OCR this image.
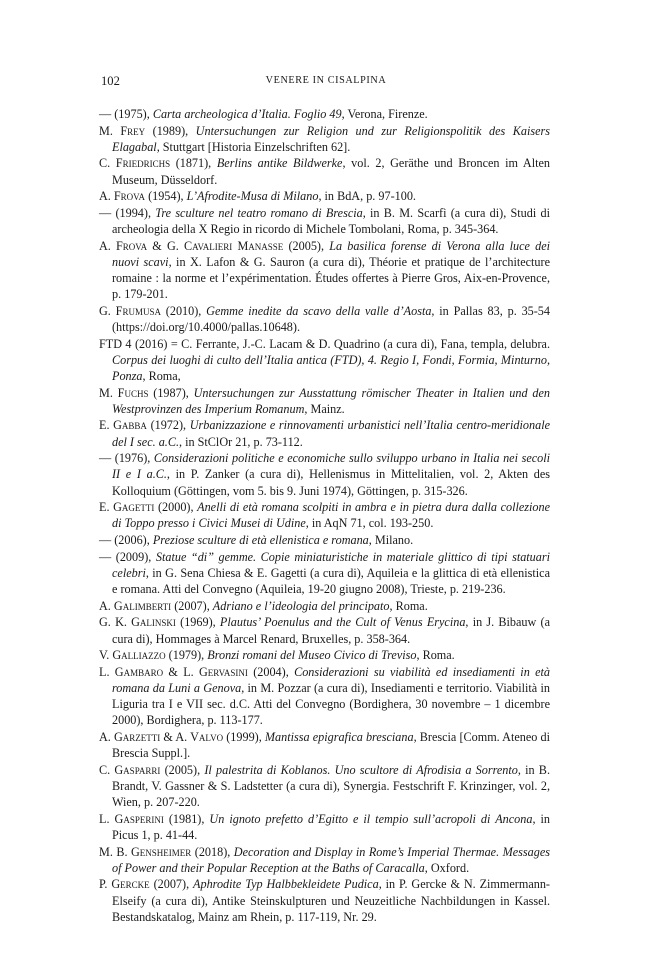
102	VENERE IN CISALPINA
— (1975), Carta archeologica d’Italia. Foglio 49, Verona, Firenze.
M. Frey (1989), Untersuchungen zur Religion und zur Religionspolitik des Kaisers Elagabal, Stuttgart [Historia Einzelschriften 62].
C. Friedrichs (1871), Berlins antike Bildwerke, vol. 2, Geräthe und Broncen im Alten Museum, Düsseldorf.
A. Frova (1954), L’Afrodite-Musa di Milano, in BdA, p. 97-100.
— (1994), Tre sculture nel teatro romano di Brescia, in B. M. Scarfì (a cura di), Studi di archeologia della X Regio in ricordo di Michele Tombolani, Roma, p. 345-364.
A. Frova & G. Cavalieri Manasse (2005), La basilica forense di Verona alla luce dei nuovi scavi, in X. Lafon & G. Sauron (a cura di), Théorie et pratique de l’architecture romaine : la norme et l’expérimentation. Études offertes à Pierre Gros, Aix-en-Provence, p. 179-201.
G. Frumusa (2010), Gemme inedite da scavo della valle d’Aosta, in Pallas 83, p. 35-54 (https://doi.org/10.4000/pallas.10648).
FTD 4 (2016) = C. Ferrante, J.-C. Lacam & D. Quadrino (a cura di), Fana, templa, delubra. Corpus dei luoghi di culto dell’Italia antica (FTD), 4. Regio I, Fondi, Formia, Minturno, Ponza, Roma,
M. Fuchs (1987), Untersuchungen zur Ausstattung römischer Theater in Italien und den Westprovinzen des Imperium Romanum, Mainz.
E. Gabba (1972), Urbanizzazione e rinnovamenti urbanistici nell’Italia centro-meridionale del I sec. a.C., in StClOr 21, p. 73-112.
— (1976), Considerazioni politiche e economiche sullo sviluppo urbano in Italia nei secoli II e I a.C., in P. Zanker (a cura di), Hellenismus in Mittelitalien, vol. 2, Akten des Kolloquium (Göttingen, vom 5. bis 9. Juni 1974), Göttingen, p. 315-326.
E. Gagetti (2000), Anelli di età romana scolpiti in ambra e in pietra dura dalla collezione di Toppo presso i Civici Musei di Udine, in AqN 71, col. 193-250.
— (2006), Preziose sculture di età ellenistica e romana, Milano.
— (2009), Statue “di” gemme. Copie miniaturistiche in materiale glittico di tipi statuari celebri, in G. Sena Chiesa & E. Gagetti (a cura di), Aquileia e la glittica di età ellenistica e romana. Atti del Convegno (Aquileia, 19-20 giugno 2008), Trieste, p. 219-236.
A. Galimberti (2007), Adriano e l’ideologia del principato, Roma.
G. K. Galinski (1969), Plautus’ Poenulus and the Cult of Venus Erycina, in J. Bibauw (a cura di), Hommages à Marcel Renard, Bruxelles, p. 358-364.
V. Galliazzo (1979), Bronzi romani del Museo Civico di Treviso, Roma.
L. Gambaro & L. Gervasini (2004), Considerazioni su viabilità ed insediamenti in età romana da Luni a Genova, in M. Pozzar (a cura di), Insediamenti e territorio. Viabilità in Liguria tra I e VII sec. d.C. Atti del Convegno (Bordighera, 30 novembre – 1 dicembre 2000), Bordighera, p. 113-177.
A. Garzetti & A. Valvo (1999), Mantissa epigrafica bresciana, Brescia [Comm. Ateneo di Brescia Suppl.].
C. Gasparri (2005), Il palestrita di Koblanos. Uno scultore di Afrodisia a Sorrento, in B. Brandt, V. Gassner & S. Ladstetter (a cura di), Synergia. Festschrift F. Krinzinger, vol. 2, Wien, p. 207-220.
L. Gasperini (1981), Un ignoto prefetto d’Egitto e il tempio sull’acropoli di Ancona, in Picus 1, p. 41-44.
M. B. Gensheimer (2018), Decoration and Display in Rome’s Imperial Thermae. Messages of Power and their Popular Reception at the Baths of Caracalla, Oxford.
P. Gercke (2007), Aphrodite Typ Halbbekleidete Pudica, in P. Gercke & N. Zimmermann-Elseify (a cura di), Antike Steinskulpturen und Neuzeitliche Nachbildungen in Kassel. Bestandskatalog, Mainz am Rhein, p. 117-119, Nr. 29.
